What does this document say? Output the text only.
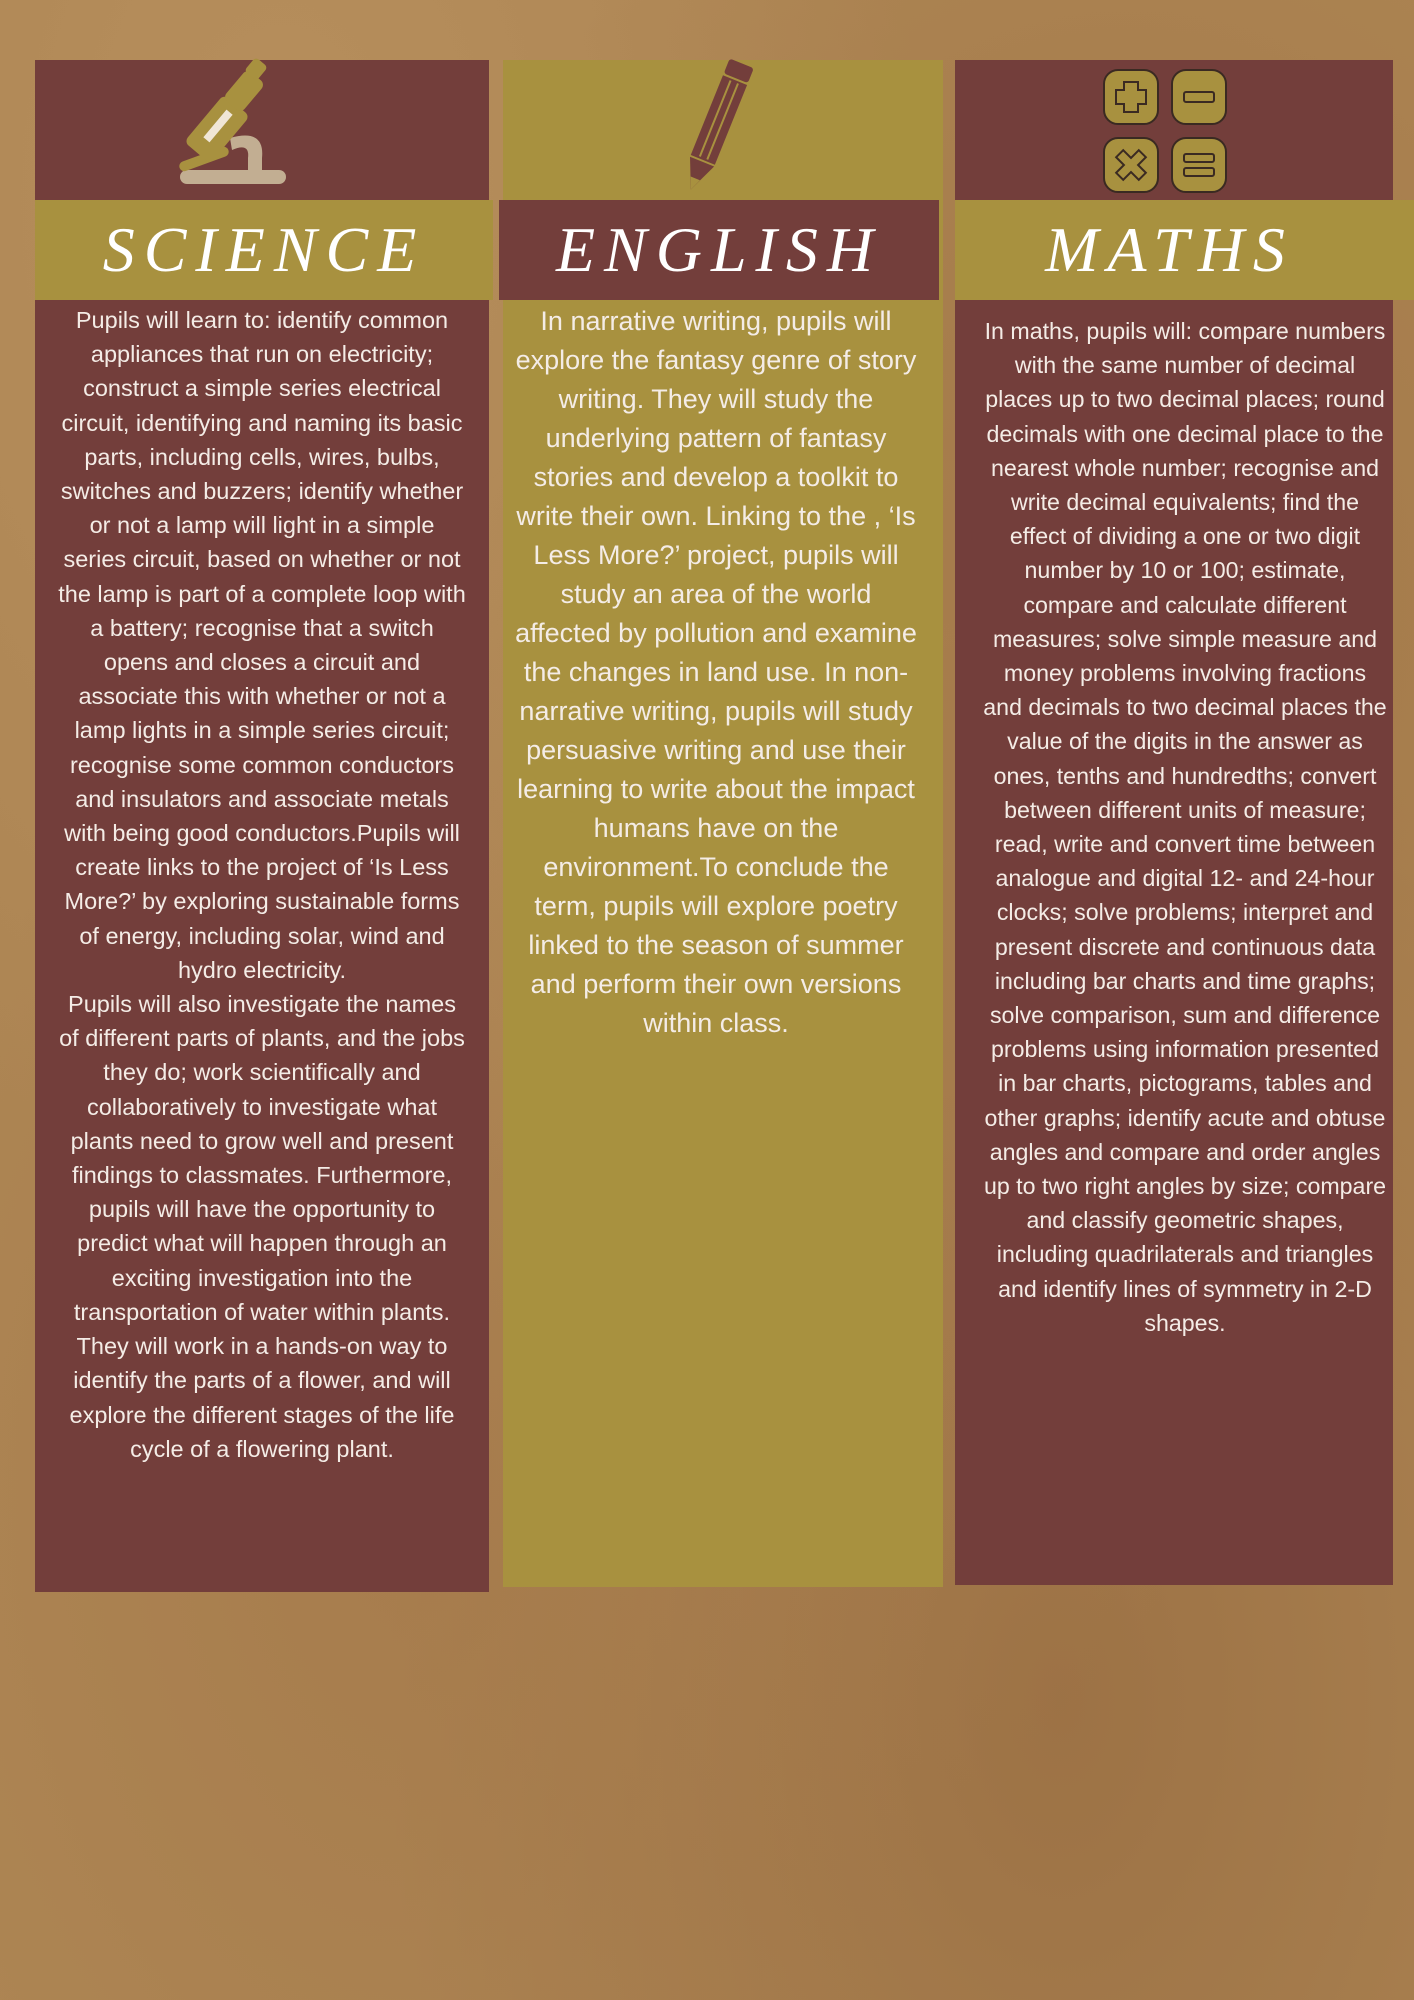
SCIENCE

Pupils will learn to: identify common appliances that run on electricity; construct a simple series electrical circuit, identifying and naming its basic parts, including cells, wires, bulbs, switches and buzzers; identify whether or not a lamp will light in a simple series circuit, based on whether or not the lamp is part of a complete loop with a battery; recognise that a switch opens and closes a circuit and associate this with whether or not a lamp lights in a simple series circuit; recognise some common conductors and insulators and associate metals with being good conductors.Pupils will create links to the project of ‘Is Less More?’ by exploring sustainable forms of energy, including solar, wind and hydro electricity.

Pupils will also investigate the names of different parts of plants, and the jobs they do; work scientifically and collaboratively to investigate what plants need to grow well and present findings to classmates. Furthermore, pupils will have the opportunity to predict what will happen through an exciting investigation into the transportation of water within plants. They will work in a hands-on way to identify the parts of a flower, and will explore the different stages of the life cycle of a flowering plant.

ENGLISH

In narrative writing, pupils will explore the fantasy genre of story writing. They will study the underlying pattern of fantasy stories and develop a toolkit to write their own. Linking to the , ‘Is Less More?’ project, pupils will study an area of the world affected by pollution and examine the changes in land use. In non-narrative writing, pupils will study persuasive writing and use their learning to write about the impact humans have on the environment.To conclude the term, pupils will explore poetry linked to the season of summer and perform their own versions within class.

MATHS

In maths, pupils will: compare numbers with the same number of decimal places up to two decimal places; round decimals with one decimal place to the nearest whole number; recognise and write decimal equivalents; find the effect of dividing a one or two digit number by 10 or 100; estimate, compare and calculate different measures; solve simple measure and money problems involving fractions and decimals to two decimal places the value of the digits in the answer as ones, tenths and hundredths; convert between different units of measure; read, write and convert time between analogue and digital 12- and 24-hour clocks; solve problems; interpret and present discrete and continuous data including bar charts and time graphs; solve comparison, sum and difference problems using information presented in bar charts, pictograms, tables and other graphs; identify acute and obtuse angles and compare and order angles up to two right angles by size; compare and classify geometric shapes, including quadrilaterals and triangles and identify lines of symmetry in 2-D shapes.
